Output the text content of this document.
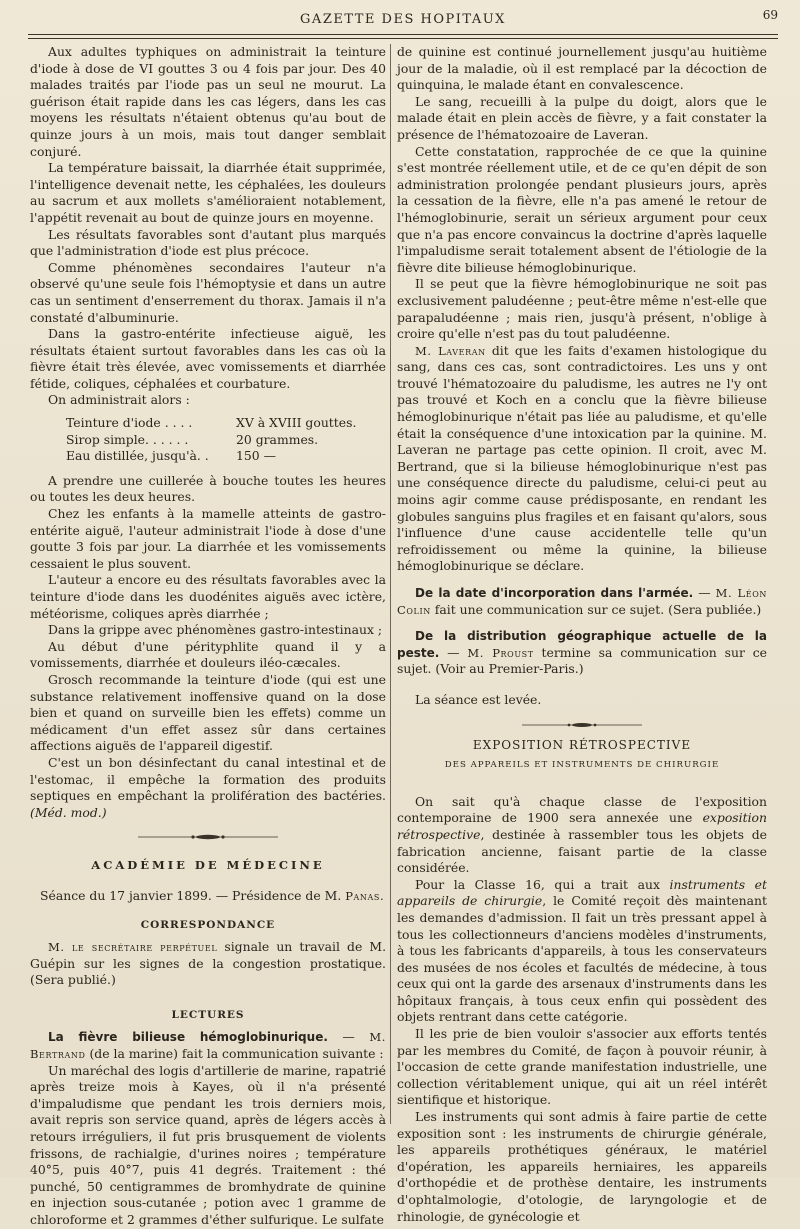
GAZETTE DES HOPITAUX	69

Aux adultes typhiques on administrait la teinture d'iode à dose de VI gouttes 3 ou 4 fois par jour. Des 40 malades traités par l'iode pas un seul ne mourut. La guérison était rapide dans les cas légers, dans les cas moyens les résultats n'étaient obtenus qu'au bout de quinze jours à un mois, mais tout danger semblait conjuré.

La température baissait, la diarrhée était supprimée, l'intelligence devenait nette, les céphalées, les douleurs au sacrum et aux mollets s'amélioraient notablement, l'appétit revenait au bout de quinze jours en moyenne.

Les résultats favorables sont d'autant plus marqués que l'administration d'iode est plus précoce.

Comme phénomènes secondaires l'auteur n'a observé qu'une seule fois l'hémoptysie et dans un autre cas un sentiment d'enserrement du thorax. Jamais il n'a constaté d'albuminurie.

Dans la gastro-entérite infectieuse aiguë, les résultats étaient surtout favorables dans les cas où la fièvre était très élevée, avec vomissements et diarrhée fétide, coliques, céphalées et courbature.

On administrait alors :

Teinture d'iode . . . .	XV à XVIII gouttes.
Sirop simple. . . . . .	20 grammes.
Eau distillée, jusqu'à. .	150 —

A prendre une cuillerée à bouche toutes les heures ou toutes les deux heures.

Chez les enfants à la mamelle atteints de gastro-entérite aiguë, l'auteur administrait l'iode à dose d'une goutte 3 fois par jour. La diarrhée et les vomissements cessaient le plus souvent.

L'auteur a encore eu des résultats favorables avec la teinture d'iode dans les duodénites aiguës avec ictère, météorisme, coliques après diarrhée ;

Dans la grippe avec phénomènes gastro-intestinaux ;

Au début d'une pérityphlite quand il y a vomissements, diarrhée et douleurs iléo-cæcales.

Grosch recommande la teinture d'iode (qui est une substance relativement inoffensive quand on la dose bien et quand on surveille bien les effets) comme un médicament d'un effet assez sûr dans certaines affections aiguës de l'appareil digestif.

C'est un bon désinfectant du canal intestinal et de l'estomac, il empêche la formation des produits septiques en empêchant la prolifération des bactéries. (Méd. mod.)

ACADÉMIE DE MÉDECINE

Séance du 17 janvier 1899. — Présidence de M. Panas.

CORRESPONDANCE

M. le secrétaire perpétuel signale un travail de M. Guépin sur les signes de la congestion prostatique. (Sera publié.)

LECTURES

La fièvre bilieuse hémoglobinurique. — M. Bertrand (de la marine) fait la communication suivante :

Un maréchal des logis d'artillerie de marine, rapatrié après treize mois à Kayes, où il n'a présenté d'impaludisme que pendant les trois derniers mois, avait repris son service quand, après de légers accès à retours irréguliers, il fut pris brusquement de violents frissons, de rachialgie, d'urines noires ; température 40°5, puis 40°7, puis 41 degrés. Traitement : thé punché, 50 centigrammes de bromhydrate de quinine en injection sous-cutanée ; potion avec 1 gramme de chloroforme et 2 grammes d'éther sulfurique. Le sulfate

de quinine est continué journellement jusqu'au huitième jour de la maladie, où il est remplacé par la décoction de quinquina, le malade étant en convalescence.

Le sang, recueilli à la pulpe du doigt, alors que le malade était en plein accès de fièvre, y a fait constater la présence de l'hématozoaire de Laveran.

Cette constatation, rapprochée de ce que la quinine s'est montrée réellement utile, et de ce qu'en dépit de son administration prolongée pendant plusieurs jours, après la cessation de la fièvre, elle n'a pas amené le retour de l'hémoglobinurie, serait un sérieux argument pour ceux que n'a pas encore convaincus la doctrine d'après laquelle l'impaludisme serait totalement absent de l'étiologie de la fièvre dite bilieuse hémoglobinurique.

Il se peut que la fièvre hémoglobinurique ne soit pas exclusivement paludéenne ; peut-être même n'est-elle que parapaludéenne ; mais rien, jusqu'à présent, n'oblige à croire qu'elle n'est pas du tout paludéenne.

M. Laveran dit que les faits d'examen histologique du sang, dans ces cas, sont contradictoires. Les uns y ont trouvé l'hématozoaire du paludisme, les autres ne l'y ont pas trouvé et Koch en a conclu que la fièvre bilieuse hémoglobinurique n'était pas liée au paludisme, et qu'elle était la conséquence d'une intoxication par la quinine. M. Laveran ne partage pas cette opinion. Il croit, avec M. Bertrand, que si la bilieuse hémoglobinurique n'est pas une conséquence directe du paludisme, celui-ci peut au moins agir comme cause prédisposante, en rendant les globules sanguins plus fragiles et en faisant qu'alors, sous l'influence d'une cause accidentelle telle qu'un refroidissement ou même la quinine, la bilieuse hémoglobinurique se déclare.

De la date d'incorporation dans l'armée. — M. Léon Colin fait une communication sur ce sujet. (Sera publiée.)

De la distribution géographique actuelle de la peste. — M. Proust termine sa communication sur ce sujet. (Voir au Premier-Paris.)

La séance est levée.

EXPOSITION RÉTROSPECTIVE
DES APPAREILS ET INSTRUMENTS DE CHIRURGIE

On sait qu'à chaque classe de l'exposition contemporaine de 1900 sera annexée une exposition rétrospective, destinée à rassembler tous les objets de fabrication ancienne, faisant partie de la classe considérée.

Pour la Classe 16, qui a trait aux instruments et appareils de chirurgie, le Comité reçoit dès maintenant les demandes d'admission. Il fait un très pressant appel à tous les collectionneurs d'anciens modèles d'instruments, à tous les fabricants d'appareils, à tous les conservateurs des musées de nos écoles et facultés de médecine, à tous ceux qui ont la garde des arsenaux d'instruments dans les hôpitaux français, à tous ceux enfin qui possèdent des objets rentrant dans cette catégorie.

Il les prie de bien vouloir s'associer aux efforts tentés par les membres du Comité, de façon à pouvoir réunir, à l'occasion de cette grande manifestation industrielle, une collection véritablement unique, qui ait un réel intérêt sientifique et historique.

Les instruments qui sont admis à faire partie de cette exposition sont : les instruments de chirurgie générale, les appareils prothétiques généraux, le matériel d'opération, les appareils herniaires, les appareils d'orthopédie et de prothèse dentaire, les instruments d'ophtalmologie, d'otologie, de laryngologie et de rhinologie, de gynécologie et
